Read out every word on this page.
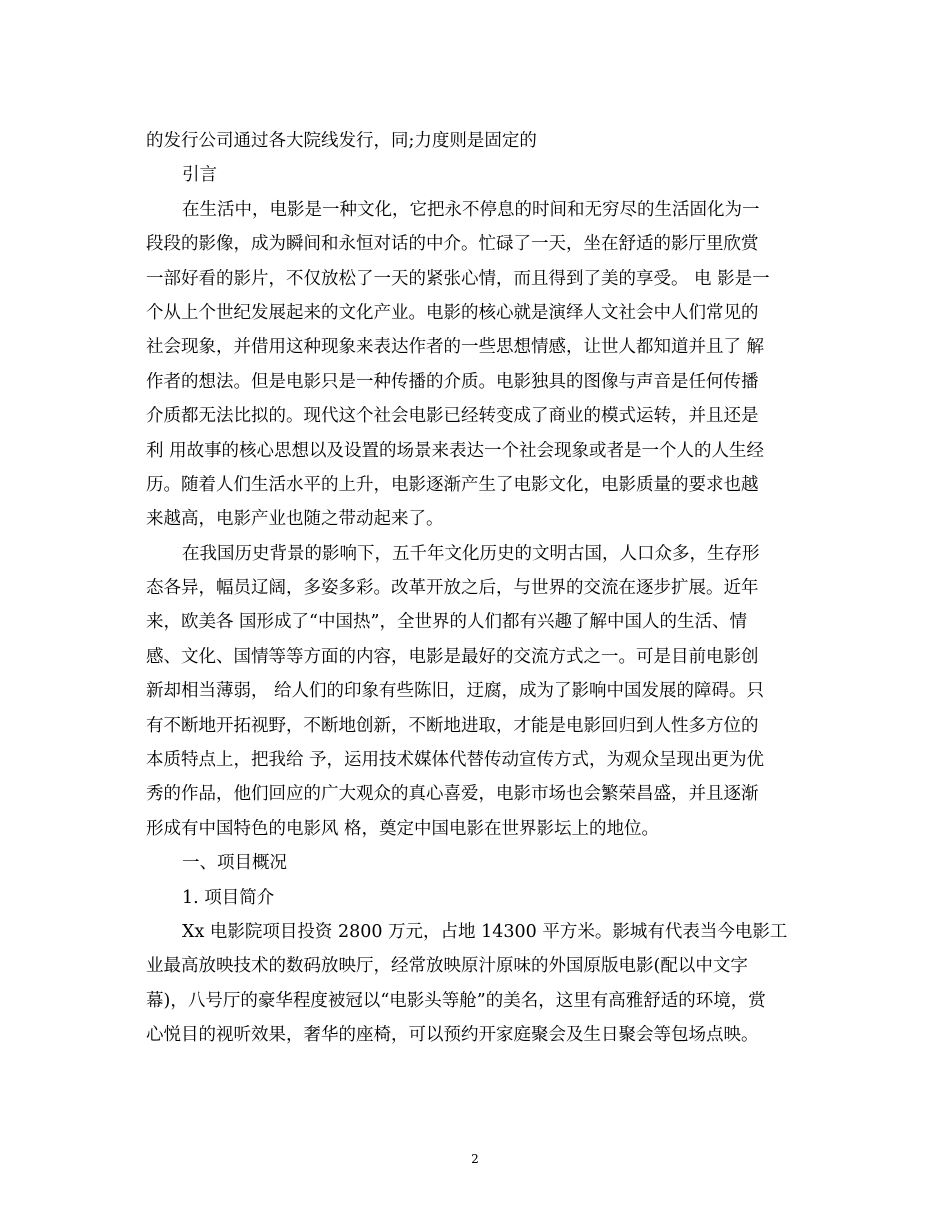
的发行公司通过各大院线发行，同;力度则是固定的
引言
在生活中，电影是一种文化，它把永不停息的时间和无穷尽的生活固化为一
段段的影像，成为瞬间和永恒对话的中介。忙碌了一天，坐在舒适的影厅里欣赏
一部好看的影片，不仅放松了一天的紧张心情，而且得到了美的享受。 电 影是一
个从上个世纪发展起来的文化产业。电影的核心就是演绎人文社会中人们常见的
社会现象，并借用这种现象来表达作者的一些思想情感，让世人都知道并且了 解
作者的想法。但是电影只是一种传播的介质。电影独具的图像与声音是任何传播
介质都无法比拟的。现代这个社会电影已经转变成了商业的模式运转，并且还是
利 用故事的核心思想以及设置的场景来表达一个社会现象或者是一个人的人生经
历。随着人们生活水平的上升，电影逐渐产生了电影文化，电影质量的要求也越
来越高，电影产业也随之带动起来了。
在我国历史背景的影响下，五千年文化历史的文明古国，人口众多，生存形
态各异，幅员辽阔，多姿多彩。改革开放之后，与世界的交流在逐步扩展。近年
来，欧美各 国形成了“中国热”，全世界的人们都有兴趣了解中国人的生活、情
感、文化、国情等等方面的内容，电影是最好的交流方式之一。可是目前电影创
新却相当薄弱， 给人们的印象有些陈旧，迂腐，成为了影响中国发展的障碍。只
有不断地开拓视野，不断地创新，不断地进取，才能是电影回归到人性多方位的
本质特点上，把我给 予，运用技术媒体代替传动宣传方式，为观众呈现出更为优
秀的作品，他们回应的广大观众的真心喜爱，电影市场也会繁荣昌盛，并且逐渐
形成有中国特色的电影风 格，奠定中国电影在世界影坛上的地位。
一、项目概况
1. 项目简介
Xx 电影院项目投资 2800 万元，占地 14300 平方米。影城有代表当今电影工
业最高放映技术的数码放映厅，经常放映原汁原味的外国原版电影(配以中文字
幕)，八号厅的豪华程度被冠以“电影头等舱”的美名，这里有高雅舒适的环境，赏
心悦目的视听效果，奢华的座椅，可以预约开家庭聚会及生日聚会等包场点映。
2
